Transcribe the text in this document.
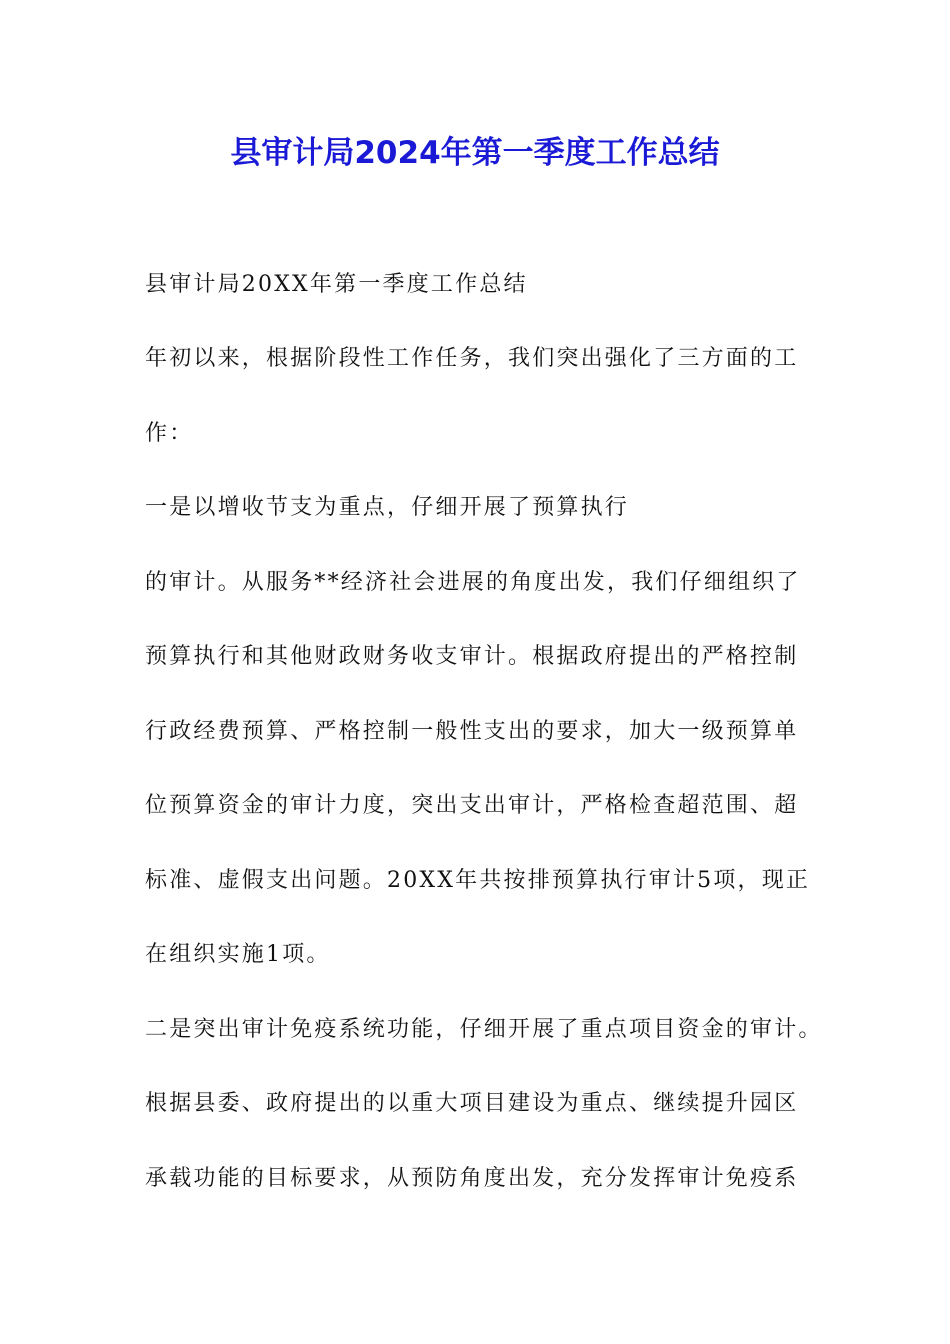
县审计局2024年第一季度工作总结

县审计局20XX年第一季度工作总结

年初以来，根据阶段性工作任务，我们突出强化了三方面的工

作：

一是以增收节支为重点，仔细开展了预算执行

的审计。从服务**经济社会进展的角度出发，我们仔细组织了

预算执行和其他财政财务收支审计。根据政府提出的严格控制

行政经费预算、严格控制一般性支出的要求，加大一级预算单

位预算资金的审计力度，突出支出审计，严格检查超范围、超

标准、虚假支出问题。20XX年共按排预算执行审计5项，现正

在组织实施1项。

二是突出审计免疫系统功能，仔细开展了重点项目资金的审计。

根据县委、政府提出的以重大项目建设为重点、继续提升园区

承载功能的目标要求，从预防角度出发，充分发挥审计免疫系
